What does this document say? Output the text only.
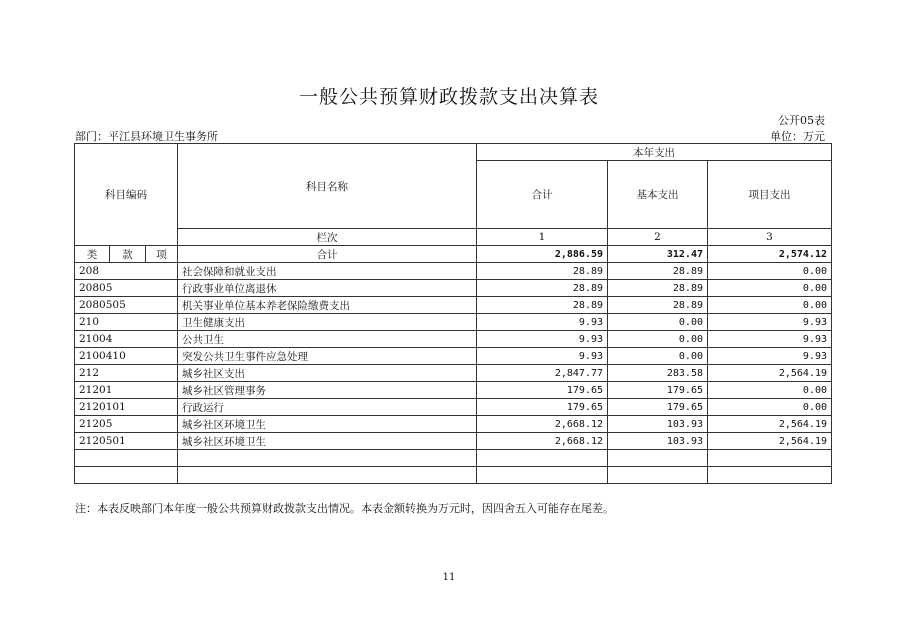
一般公共预算财政拨款支出决算表
公开05表
部门：平江县环境卫生事务所	单位：万元
科目编码			科目名称	本年支出		
				合计	基本支出	项目支出
			栏次	1	2	3
类	款	项	合计	2,886.59	312.47	2,574.12
208			社会保障和就业支出	28.89	28.89	0.00
20805			行政事业单位离退休	28.89	28.89	0.00
2080505			机关事业单位基本养老保险缴费支出	28.89	28.89	0.00
210			卫生健康支出	9.93	0.00	9.93
21004			公共卫生	9.93	0.00	9.93
2100410			突发公共卫生事件应急处理	9.93	0.00	9.93
212			城乡社区支出	2,847.77	283.58	2,564.19
21201			城乡社区管理事务	179.65	179.65	0.00
2120101			行政运行	179.65	179.65	0.00
21205			城乡社区环境卫生	2,668.12	103.93	2,564.19
2120501			城乡社区环境卫生	2,668.12	103.93	2,564.19

注：本表反映部门本年度一般公共预算财政拨款支出情况。本表金额转换为万元时，因四舍五入可能存在尾差。
11
